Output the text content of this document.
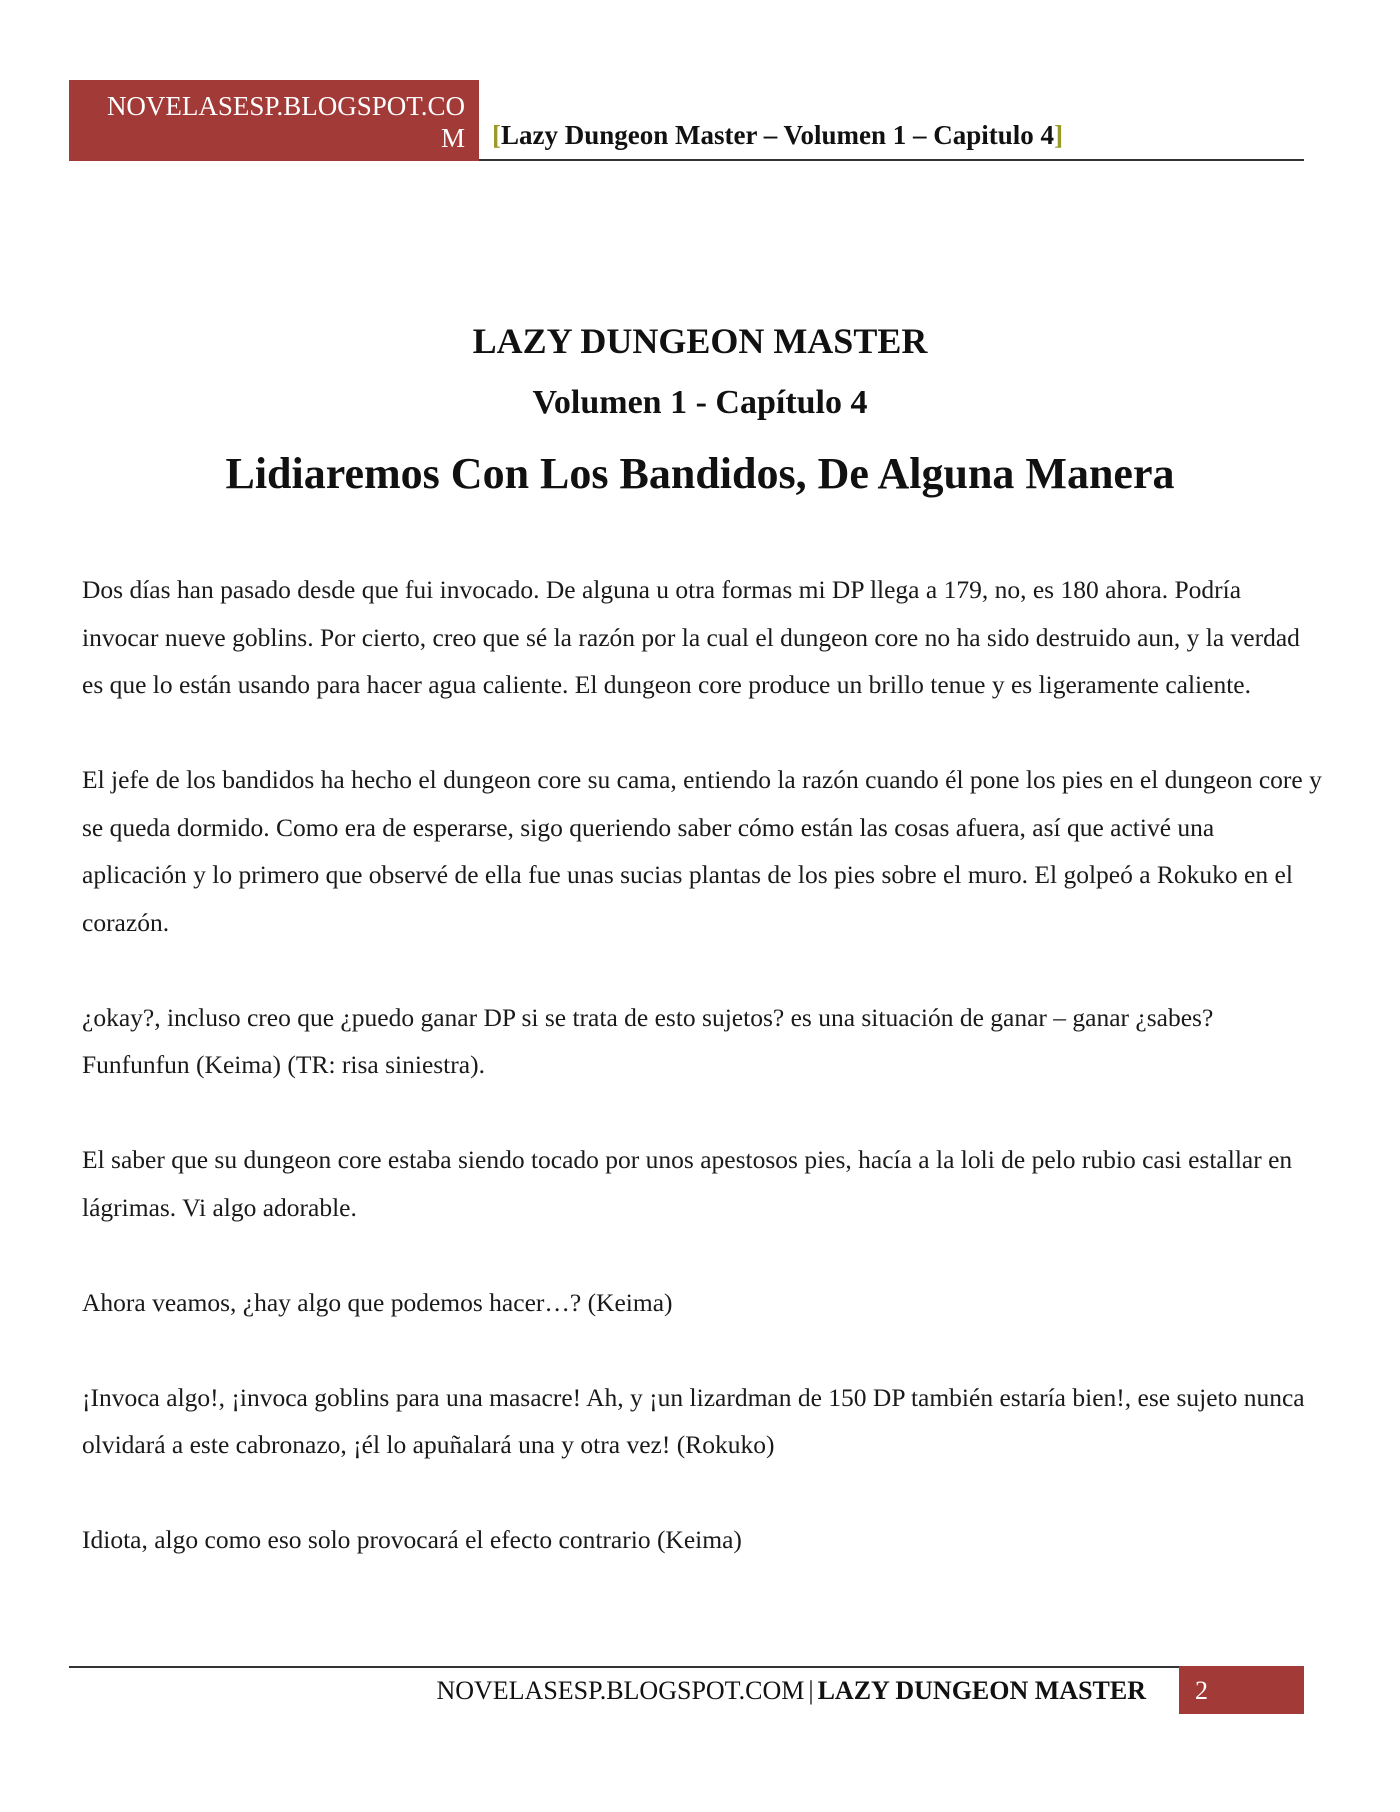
NOVELASESP.BLOGSPOT.COM	[Lazy Dungeon Master – Volumen 1 – Capitulo 4]
LAZY DUNGEON MASTER
Volumen 1 - Capítulo 4
Lidiaremos Con Los Bandidos, De Alguna Manera

Dos días han pasado desde que fui invocado. De alguna u otra formas mi DP llega a 179, no, es 180 ahora. Podría invocar nueve goblins. Por cierto, creo que sé la razón por la cual el dungeon core no ha sido destruido aun, y la verdad es que lo están usando para hacer agua caliente. El dungeon core produce un brillo tenue y es ligeramente caliente.

El jefe de los bandidos ha hecho el dungeon core su cama, entiendo la razón cuando él pone los pies en el dungeon core y se queda dormido. Como era de esperarse, sigo queriendo saber cómo están las cosas afuera, así que activé una aplicación y lo primero que observé de ella fue unas sucias plantas de los pies sobre el muro. El golpeó a Rokuko en el corazón.

¿okay?, incluso creo que ¿puedo ganar DP si se trata de esto sujetos? es una situación de ganar – ganar ¿sabes? Funfunfun (Keima) (TR: risa siniestra).

El saber que su dungeon core estaba siendo tocado por unos apestosos pies, hacía a la loli de pelo rubio casi estallar en lágrimas. Vi algo adorable.

Ahora veamos, ¿hay algo que podemos hacer…? (Keima)

¡Invoca algo!, ¡invoca goblins para una masacre! Ah, y ¡un lizardman de 150 DP también estaría bien!, ese sujeto nunca olvidará a este cabronazo, ¡él lo apuñalará una y otra vez! (Rokuko)

Idiota, algo como eso solo provocará el efecto contrario (Keima)

NOVELASESP.BLOGSPOT.COM | LAZY DUNGEON MASTER	2
